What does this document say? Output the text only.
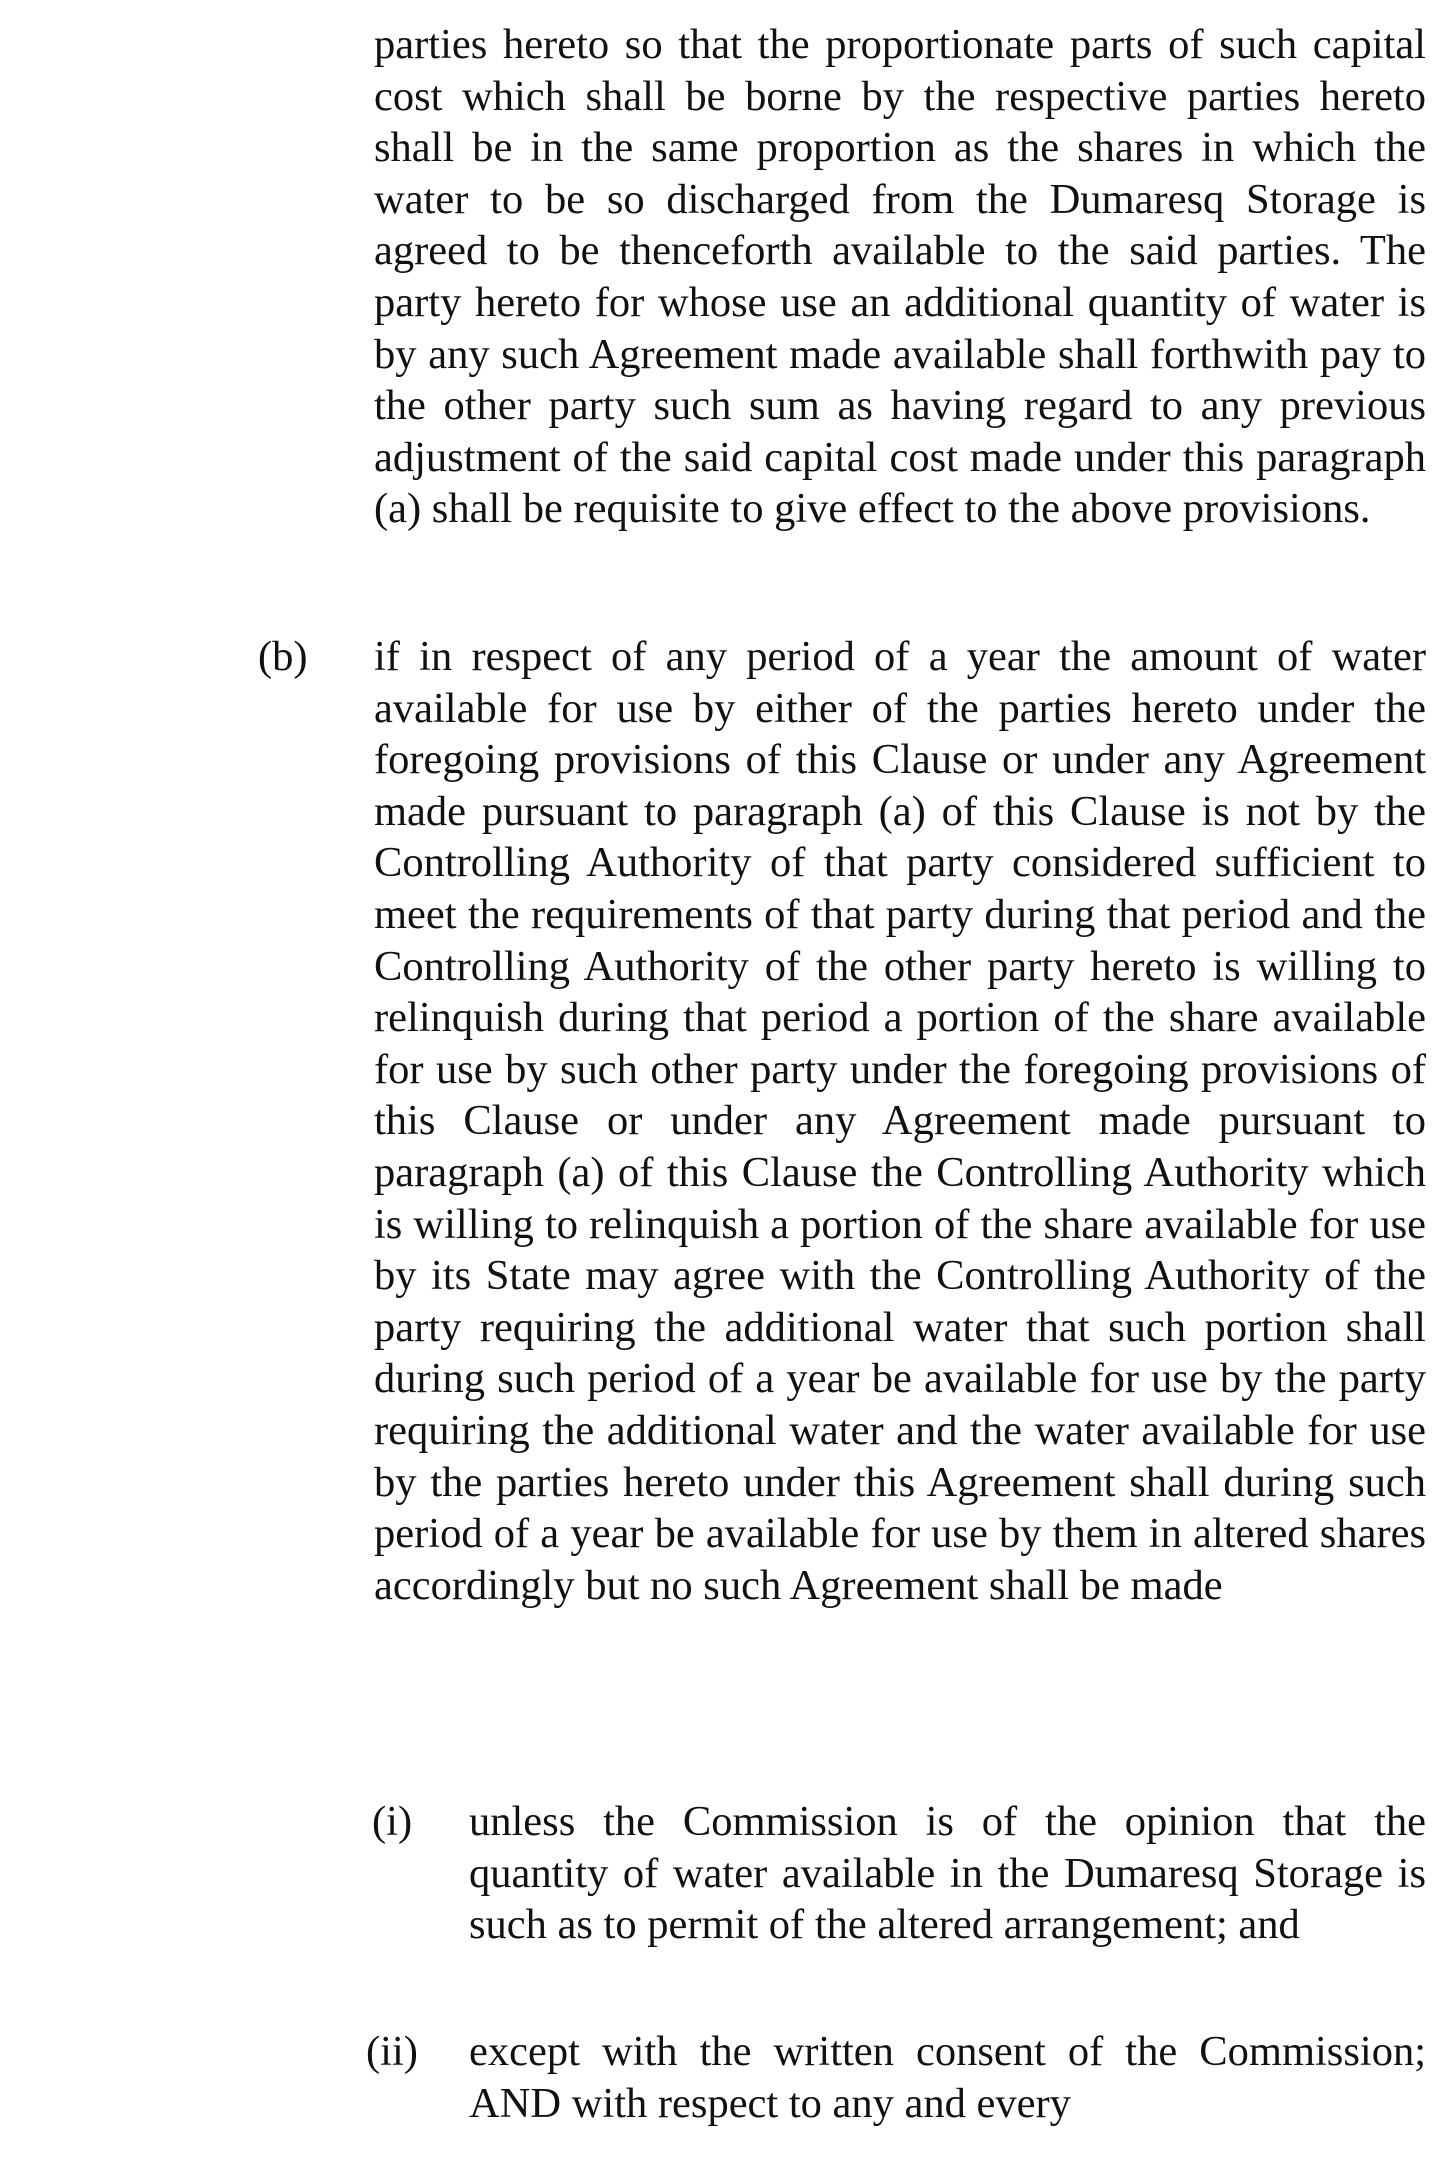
parties hereto so that the proportionate parts of such capital cost which shall be borne by the respective parties hereto shall be in the same proportion as the shares in which the water to be so discharged from the Dumaresq Storage is agreed to be thenceforth available to the said parties. The party hereto for whose use an additional quantity of water is by any such Agreement made available shall forthwith pay to the other party such sum as having regard to any previous adjustment of the said capital cost made under this paragraph (a) shall be requisite to give effect to the above provisions.

(b) if in respect of any period of a year the amount of water available for use by either of the parties hereto under the foregoing provisions of this Clause or under any Agreement made pursuant to paragraph (a) of this Clause is not by the Controlling Authority of that party considered sufficient to meet the requirements of that party during that period and the Controlling Authority of the other party hereto is willing to relinquish during that period a portion of the share available for use by such other party under the foregoing provisions of this Clause or under any Agreement made pursuant to paragraph (a) of this Clause the Controlling Authority which is willing to relinquish a portion of the share available for use by its State may agree with the Controlling Authority of the party requiring the additional water that such portion shall during such period of a year be available for use by the party requiring the additional water and the water available for use by the parties hereto under this Agreement shall during such period of a year be available for use by them in altered shares accordingly but no such Agreement shall be made

(i) unless the Commission is of the opinion that the quantity of water available in the Dumaresq Storage is such as to permit of the altered arrangement; and

(ii) except with the written consent of the Commission; AND with respect to any and every
